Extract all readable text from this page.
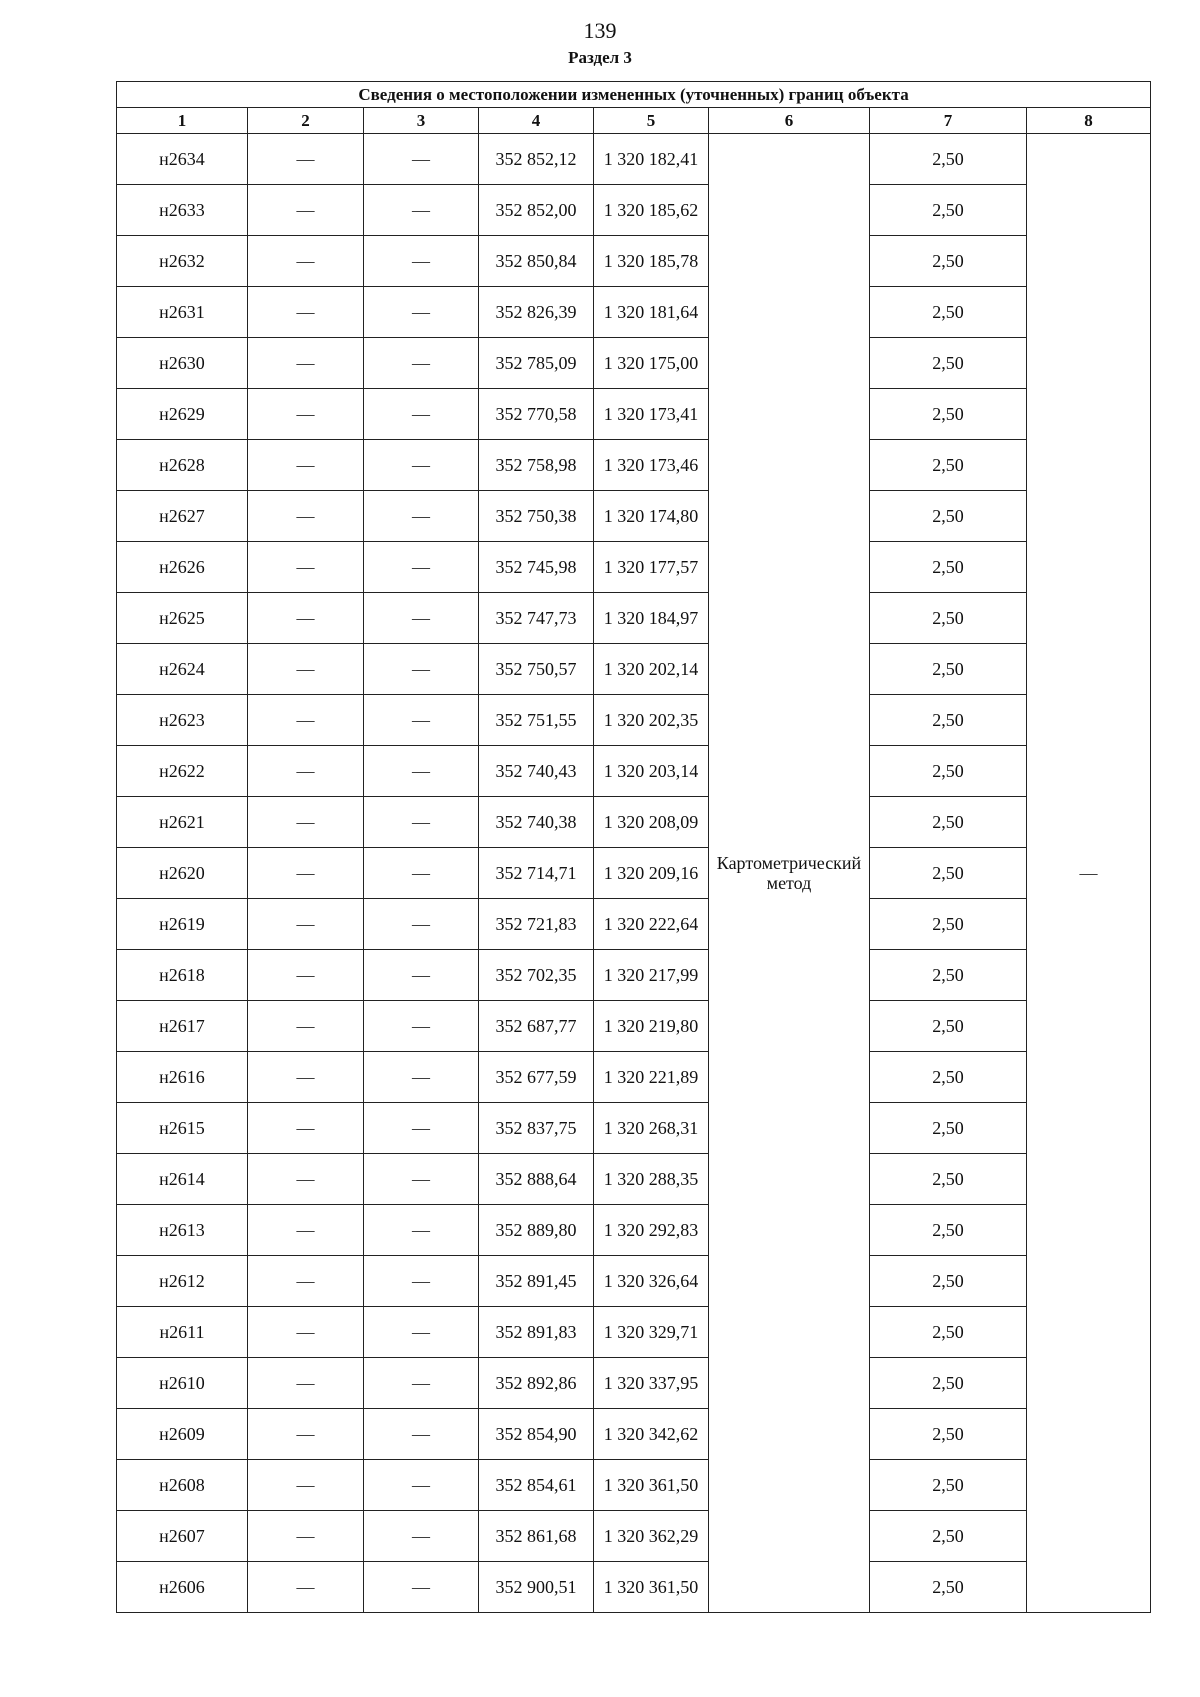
139
Раздел 3
Сведения о местоположении измененных (уточненных) границ объекта							
1	2	3	4	5	6	7	8
н2634	—	—	352 852,12	1 320 182,41	Картометрический метод	2,50	—
н2633	—	—	352 852,00	1 320 185,62		2,50	
н2632	—	—	352 850,84	1 320 185,78		2,50	
н2631	—	—	352 826,39	1 320 181,64		2,50	
н2630	—	—	352 785,09	1 320 175,00		2,50	
н2629	—	—	352 770,58	1 320 173,41		2,50	
н2628	—	—	352 758,98	1 320 173,46		2,50	
н2627	—	—	352 750,38	1 320 174,80		2,50	
н2626	—	—	352 745,98	1 320 177,57		2,50	
н2625	—	—	352 747,73	1 320 184,97		2,50	
н2624	—	—	352 750,57	1 320 202,14		2,50	
н2623	—	—	352 751,55	1 320 202,35		2,50	
н2622	—	—	352 740,43	1 320 203,14		2,50	
н2621	—	—	352 740,38	1 320 208,09		2,50	
н2620	—	—	352 714,71	1 320 209,16		2,50	
н2619	—	—	352 721,83	1 320 222,64		2,50	
н2618	—	—	352 702,35	1 320 217,99		2,50	
н2617	—	—	352 687,77	1 320 219,80		2,50	
н2616	—	—	352 677,59	1 320 221,89		2,50	
н2615	—	—	352 837,75	1 320 268,31		2,50	
н2614	—	—	352 888,64	1 320 288,35		2,50	
н2613	—	—	352 889,80	1 320 292,83		2,50	
н2612	—	—	352 891,45	1 320 326,64		2,50	
н2611	—	—	352 891,83	1 320 329,71		2,50	
н2610	—	—	352 892,86	1 320 337,95		2,50	
н2609	—	—	352 854,90	1 320 342,62		2,50	
н2608	—	—	352 854,61	1 320 361,50		2,50	
н2607	—	—	352 861,68	1 320 362,29		2,50	
н2606	—	—	352 900,51	1 320 361,50		2,50	
